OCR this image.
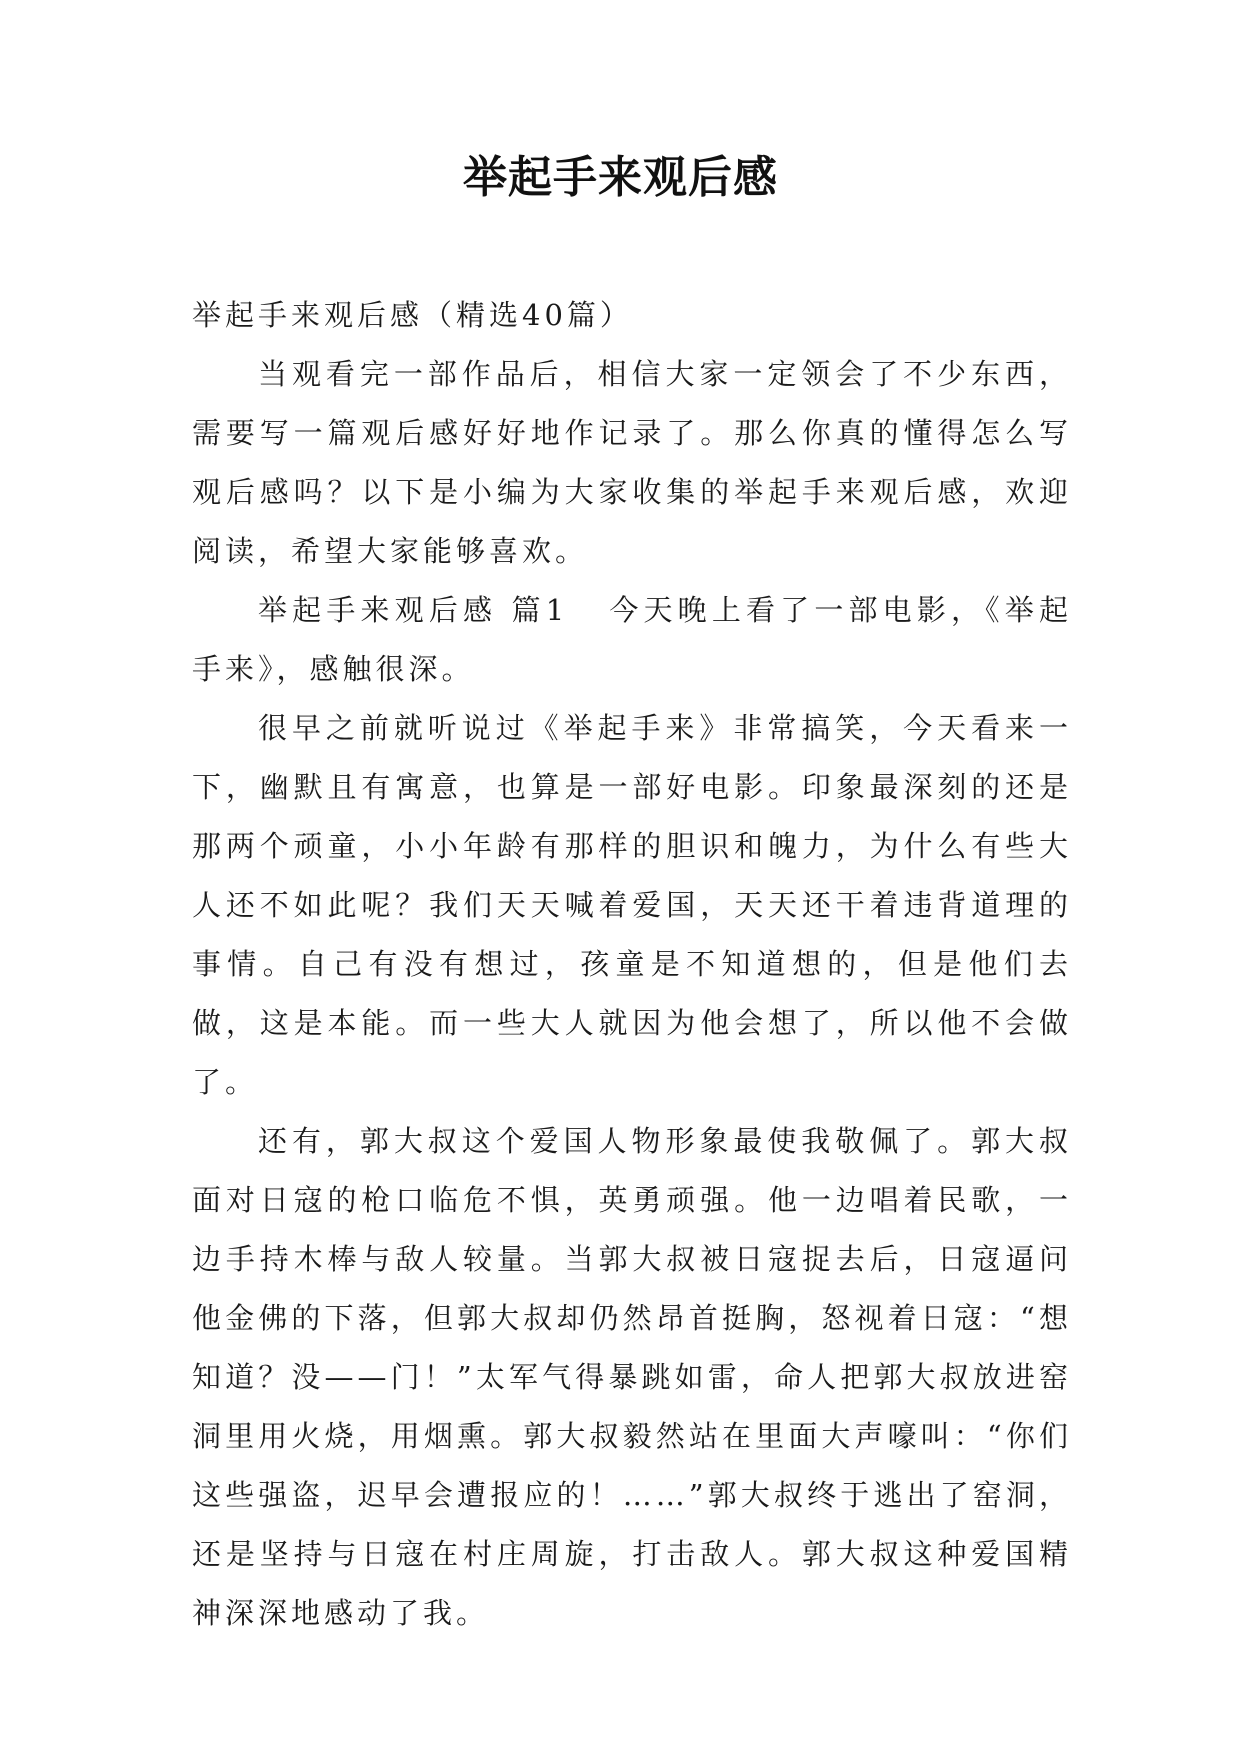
举起手来观后感

举起手来观后感（精选40篇）

当观看完一部作品后，相信大家一定领会了不少东西，需要写一篇观后感好好地作记录了。那么你真的懂得怎么写观后感吗？以下是小编为大家收集的举起手来观后感，欢迎阅读，希望大家能够喜欢。

举起手来观后感 篇1 今天晚上看了一部电影，《举起手来》，感触很深。

很早之前就听说过《举起手来》非常搞笑，今天看来一下，幽默且有寓意，也算是一部好电影。印象最深刻的还是那两个顽童，小小年龄有那样的胆识和魄力，为什么有些大人还不如此呢？我们天天喊着爱国，天天还干着违背道理的事情。自己有没有想过，孩童是不知道想的，但是他们去做，这是本能。而一些大人就因为他会想了，所以他不会做了。

还有，郭大叔这个爱国人物形象最使我敬佩了。郭大叔面对日寇的枪口临危不惧，英勇顽强。他一边唱着民歌，一边手持木棒与敌人较量。当郭大叔被日寇捉去后，日寇逼问他金佛的下落，但郭大叔却仍然昂首挺胸，怒视着日寇：“想知道？没——门！”太军气得暴跳如雷，命人把郭大叔放进窑洞里用火烧，用烟熏。郭大叔毅然站在里面大声嚎叫：“你们这些强盗，迟早会遭报应的！……”郭大叔终于逃出了窑洞，还是坚持与日寇在村庄周旋，打击敌人。郭大叔这种爱国精神深深地感动了我。
